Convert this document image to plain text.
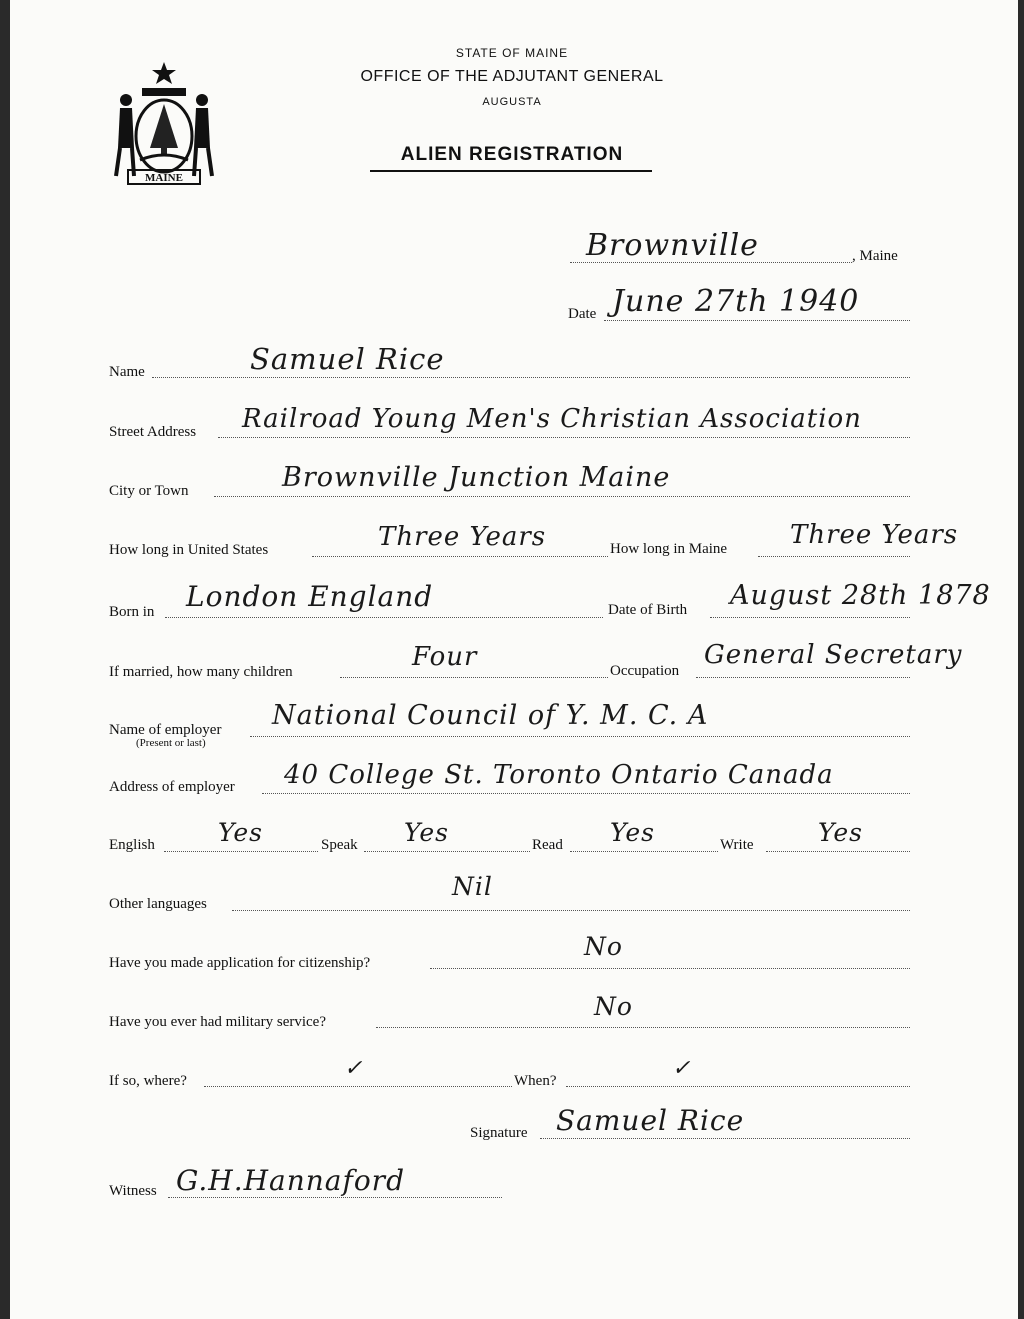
MAINE
STATE OF MAINE
OFFICE OF THE ADJUTANT GENERAL
AUGUSTA
ALIEN REGISTRATION
Brownville	, Maine
Date June 27th 1940
Name	Samuel Rice
Street Address Railroad Young Men's Christian Association
City or Town	Brownville Junction Maine
How long in United States	Three Years	How long in Maine Three Years
Born in London England	Date of Birth August 28th 1878
If married, how many children	Four	Occupation
General Secretary
Name of employer
(Present or last)
National Council of Y. M. C. A
Address of employer 40 College St. Toronto Ontario Canada
English	Yes	Speak Yes	Read Yes	Write	Yes
Other languages
Nil
Have you made application for citizenship?
No
Have you ever had military service?
No
If so, where?	✓	When?	✓
Signature Samuel Rice
Witness G.H.Hannaford
